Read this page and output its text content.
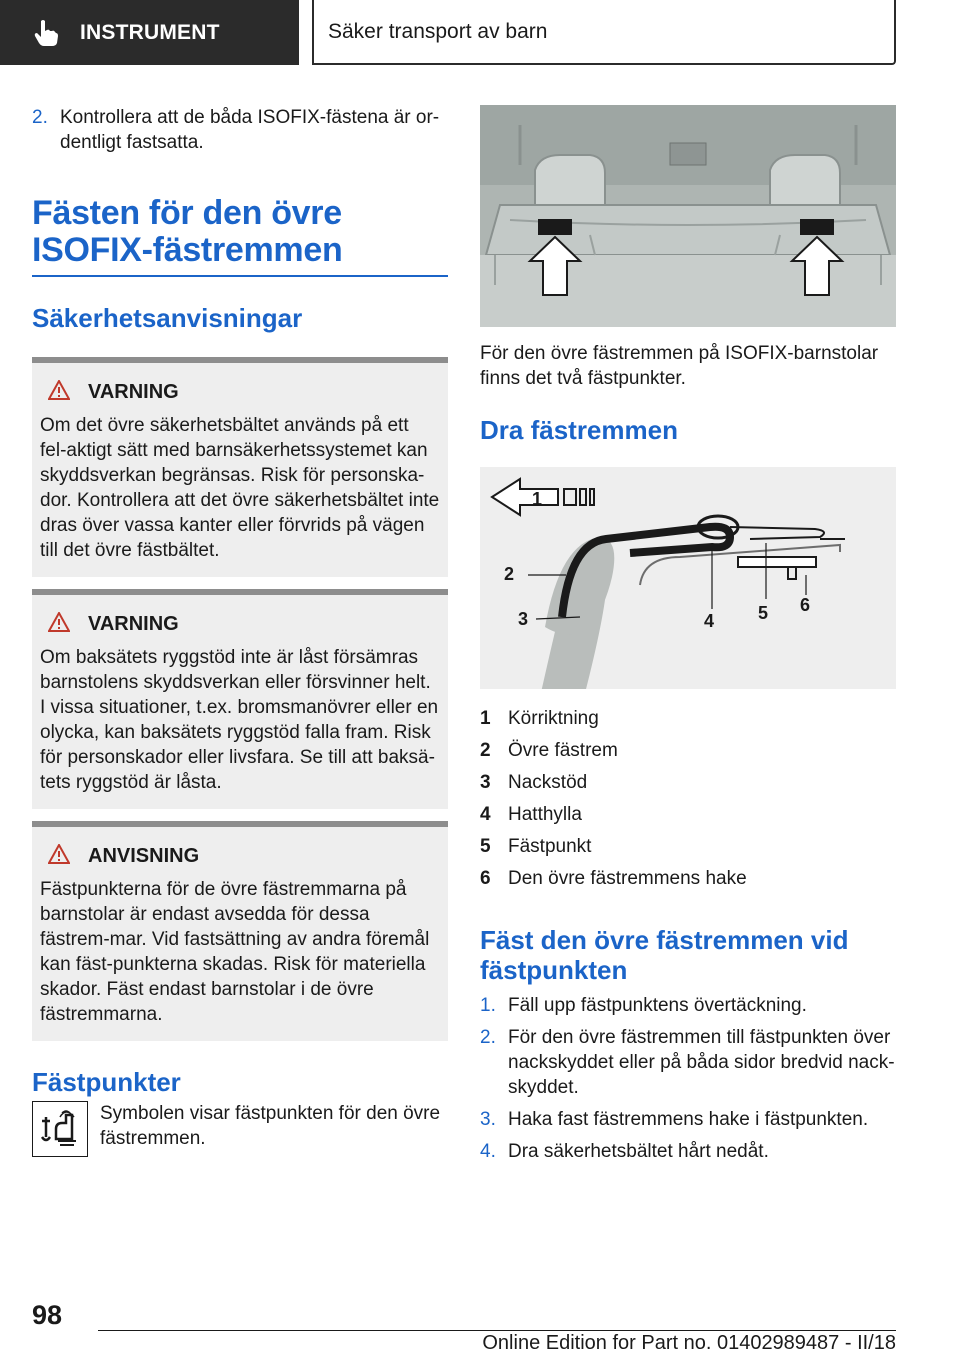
INSTRUMENT	Säker transport av barn
2. Kontrollera att de båda ISOFIX-fästena är or-dentligt fastsatta.
Fästen för den övre ISOFIX-fästremmen
Säkerhetsanvisningar
VARNING
Om det övre säkerhetsbältet används på ett fel-aktigt sätt med barnsäkerhetssystemet kan skyddsverkan begränsas. Risk för personska-dor. Kontrollera att det övre säkerhetsbältet inte dras över vassa kanter eller förvrids på vägen till det övre fästbältet.
VARNING
Om baksätets ryggstöd inte är låst försämras barnstolens skyddsverkan eller försvinner helt. I vissa situationer, t.ex. bromsmanövrer eller en olycka, kan baksätets ryggstöd falla fram. Risk för personskador eller livsfara. Se till att baksä-tets ryggstöd är låsta.
ANVISNING
Fästpunkterna för de övre fästremmarna på barnstolar är endast avsedda för dessa fästrem-mar. Vid fastsättning av andra föremål kan fäst-punkterna skadas. Risk för materiella skador. Fäst endast barnstolar i de övre fästremmarna.
Fästpunkter
Symbolen visar fästpunkten för den övre fästremmen.
För den övre fästremmen på ISOFIX-barnstolar finns det två fästpunkter.
Dra fästremmen
1
2
3	4 5 6
1 Körriktning
2 Övre fästrem
3 Nackstöd
4 Hatthylla
5 Fästpunkt
6 Den övre fästremmens hake
Fäst den övre fästremmen vid fästpunkten
1. Fäll upp fästpunktens övertäckning.
2. För den övre fästremmen till fästpunkten över nackskyddet eller på båda sidor bredvid nack-skyddet.
3. Haka fast fästremmens hake i fästpunkten.
4. Dra säkerhetsbältet hårt nedåt.
98
Online Edition for Part no. 01402989487 - II/18
